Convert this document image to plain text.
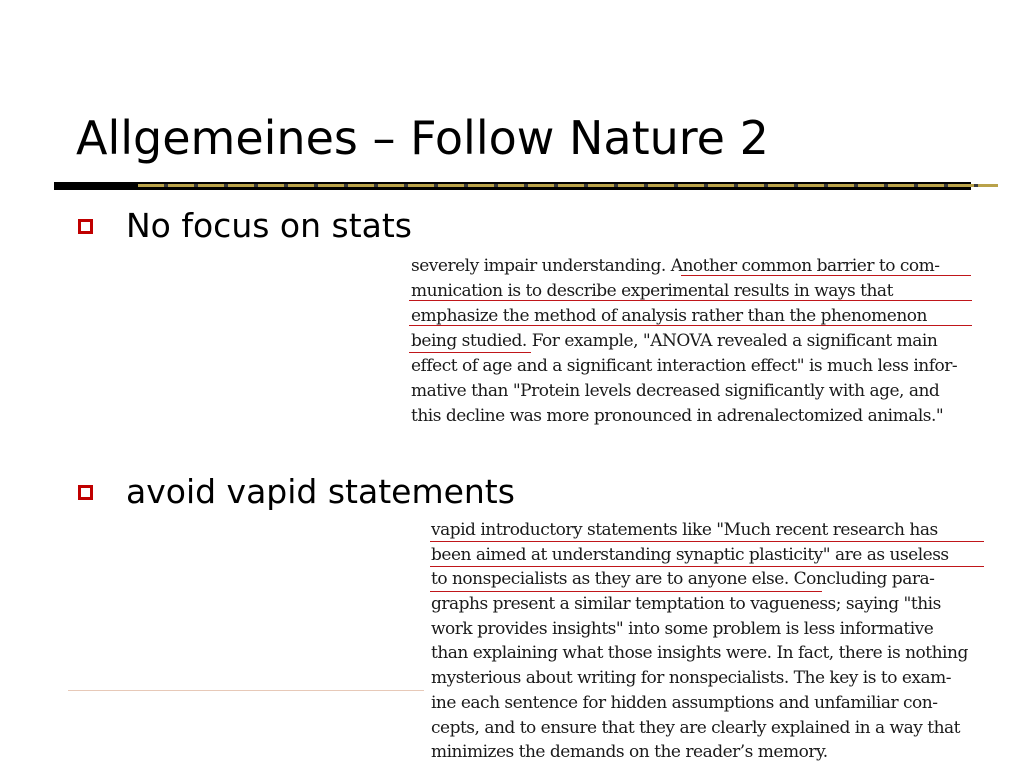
Allgemeines – Follow Nature 2
No focus on stats
severely impair understanding. Another common barrier to com-
munication is to describe experimental results in ways that
emphasize the method of analysis rather than the phenomenon
being studied. For example, "ANOVA revealed a significant main
effect of age and a significant interaction effect" is much less infor-
mative than "Protein levels decreased significantly with age, and
this decline was more pronounced in adrenalectomized animals."
avoid vapid statements
vapid introductory statements like "Much recent research has
been aimed at understanding synaptic plasticity" are as useless
to nonspecialists as they are to anyone else. Concluding para-
graphs present a similar temptation to vagueness; saying "this
work provides insights" into some problem is less informative
than explaining what those insights were. In fact, there is nothing
mysterious about writing for nonspecialists. The key is to exam-
ine each sentence for hidden assumptions and unfamiliar con-
cepts, and to ensure that they are clearly explained in a way that
minimizes the demands on the reader’s memory.
